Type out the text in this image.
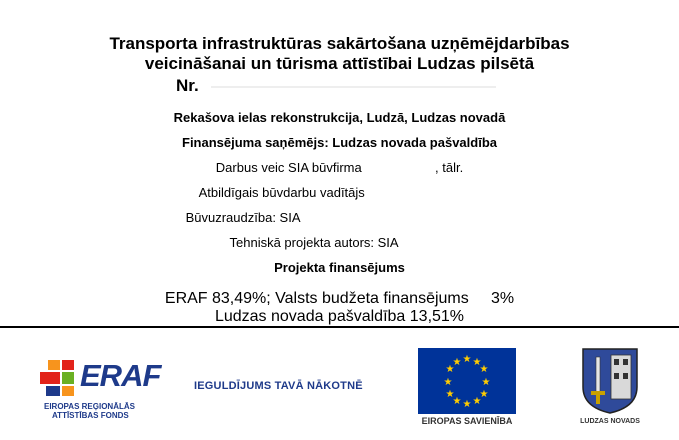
Transporta infrastruktūras sakārtošana uzņēmējdarbības
veicināšanai un tūrisma attīstībai Ludzas pilsētā
Nr.
Rekašova ielas rekonstrukcija, Ludzā, Ludzas novadā
Finansējuma saņēmējs: Ludzas novada pašvaldība
Darbus veic SIA būvfirma	, tālr.
Atbildīgais būvdarbu vadītājs
Būvuzraudzība: SIA
Tehniskā projekta autors: SIA
Projekta finansējums
ERAF 83,49%; Valsts budžeta finansējums     3%
Ludzas novada pašvaldība 13,51%
ERAF
EIROPAS REĢIONĀLĀS
ATTĪSTĪBAS FONDS
IEGULDĪJUMS TAVĀ NĀKOTNĒ
★ ★
★
★
★
★
★
★
★
★
★
★
EIROPAS SAVIENĪBA	LUDZAS NOVADS
